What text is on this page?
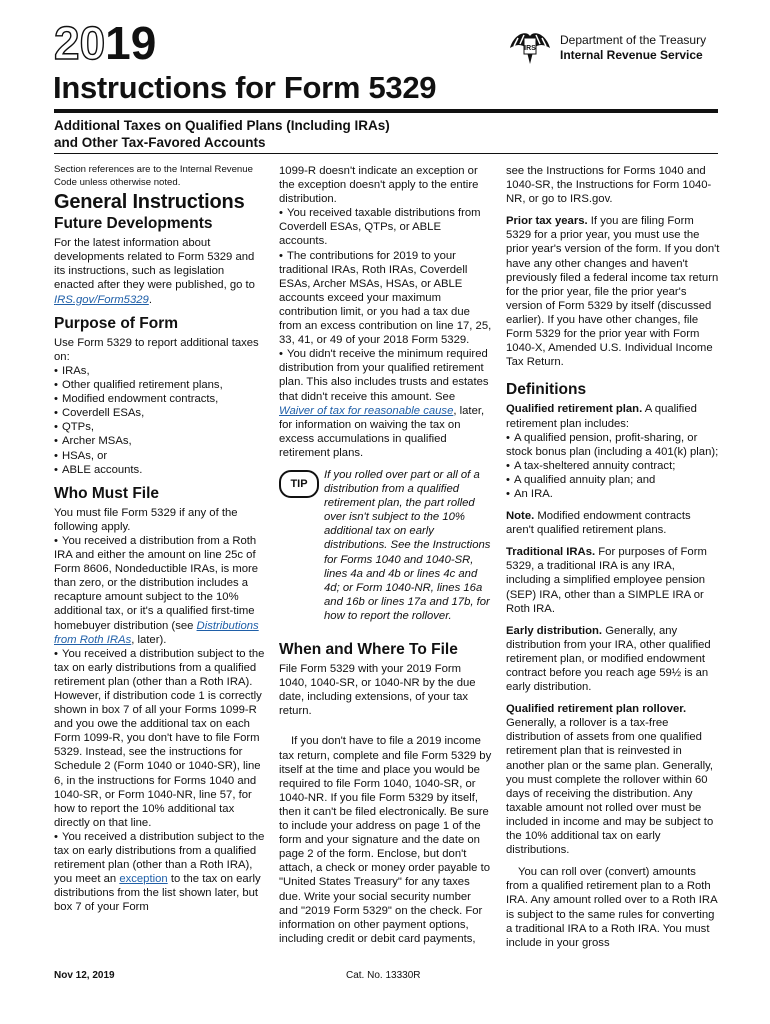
2019	IRS
Department of the Treasury
Internal Revenue Service
Instructions for Form 5329
Additional Taxes on Qualified Plans (Including IRAs)
and Other Tax-Favored Accounts

Section references are to the Internal Revenue Code unless otherwise noted.

General Instructions
Future Developments

For the latest information about developments related to Form 5329 and its instructions, such as legislation enacted after they were published, go to IRS.gov/Form5329.

Purpose of Form

Use Form 5329 to report additional taxes on:

• IRAs,

• Other qualified retirement plans,

• Modified endowment contracts,

• Coverdell ESAs,

• QTPs,

• Archer MSAs,

• HSAs, or

• ABLE accounts.

Who Must File

You must file Form 5329 if any of the following apply.

• You received a distribution from a Roth IRA and either the amount on line 25c of Form 8606, Nondeductible IRAs, is more than zero, or the distribution includes a recapture amount subject to the 10% additional tax, or it's a qualified first-time homebuyer distribution (see Distributions from Roth IRAs, later).

• You received a distribution subject to the tax on early distributions from a qualified retirement plan (other than a Roth IRA). However, if distribution code 1 is correctly shown in box 7 of all your Forms 1099-R and you owe the additional tax on each Form 1099-R, you don't have to file Form 5329. Instead, see the instructions for Schedule 2 (Form 1040 or 1040-SR), line 6, in the instructions for Forms 1040 and 1040-SR, or Form 1040-NR, line 57, for how to report the 10% additional tax directly on that line.

• You received a distribution subject to the tax on early distributions from a qualified retirement plan (other than a Roth IRA), you meet an exception to the tax on early distributions from the list shown later, but box 7 of your Form

1099-R doesn't indicate an exception or the exception doesn't apply to the entire distribution.

• You received taxable distributions from Coverdell ESAs, QTPs, or ABLE accounts.

• The contributions for 2019 to your traditional IRAs, Roth IRAs, Coverdell ESAs, Archer MSAs, HSAs, or ABLE accounts exceed your maximum contribution limit, or you had a tax due from an excess contribution on line 17, 25, 33, 41, or 49 of your 2018 Form 5329.

• You didn't receive the minimum required distribution from your qualified retirement plan. This also includes trusts and estates that didn't receive this amount. See Waiver of tax for reasonable cause, later, for information on waiving the tax on excess accumulations in qualified retirement plans.

TIP

If you rolled over part or all of a distribution from a qualified retirement plan, the part rolled over isn't subject to the 10% additional tax on early distributions. See the Instructions for Forms 1040 and 1040-SR, lines 4a and 4b or lines 4c and 4d; or Form 1040-NR, lines 16a and 16b or lines 17a and 17b, for how to report the rollover.

When and Where To File

File Form 5329 with your 2019 Form 1040, 1040-SR, or 1040-NR by the due date, including extensions, of your tax return.

If you don't have to file a 2019 income tax return, complete and file Form 5329 by itself at the time and place you would be required to file Form 1040, 1040-SR, or 1040-NR. If you file Form 5329 by itself, then it can't be filed electronically. Be sure to include your address on page 1 of the form and your signature and the date on page 2 of the form. Enclose, but don't attach, a check or money order payable to "United States Treasury" for any taxes due. Write your social security number and "2019 Form 5329" on the check. For information on other payment options, including credit or debit card payments,

see the Instructions for Forms 1040 and 1040-SR, the Instructions for Form 1040-NR, or go to IRS.gov.

Prior tax years. If you are filing Form 5329 for a prior year, you must use the prior year's version of the form. If you don't have any other changes and haven't previously filed a federal income tax return for the prior year, file the prior year's version of Form 5329 by itself (discussed earlier). If you have other changes, file Form 5329 for the prior year with Form 1040-X, Amended U.S. Individual Income Tax Return.

Definitions

Qualified retirement plan. A qualified retirement plan includes:

• A qualified pension, profit-sharing, or stock bonus plan (including a 401(k) plan);

• A tax-sheltered annuity contract;

• A qualified annuity plan; and

• An IRA.

Note. Modified endowment contracts aren't qualified retirement plans.

Traditional IRAs. For purposes of Form 5329, a traditional IRA is any IRA, including a simplified employee pension (SEP) IRA, other than a SIMPLE IRA or Roth IRA.

Early distribution. Generally, any distribution from your IRA, other qualified retirement plan, or modified endowment contract before you reach age 59½ is an early distribution.

Qualified retirement plan rollover. Generally, a rollover is a tax-free distribution of assets from one qualified retirement plan that is reinvested in another plan or the same plan. Generally, you must complete the rollover within 60 days of receiving the distribution. Any taxable amount not rolled over must be included in income and may be subject to the 10% additional tax on early distributions.

You can roll over (convert) amounts from a qualified retirement plan to a Roth IRA. Any amount rolled over to a Roth IRA is subject to the same rules for converting a traditional IRA to a Roth IRA. You must include in your gross

Nov 12, 2019	Cat. No. 13330R
